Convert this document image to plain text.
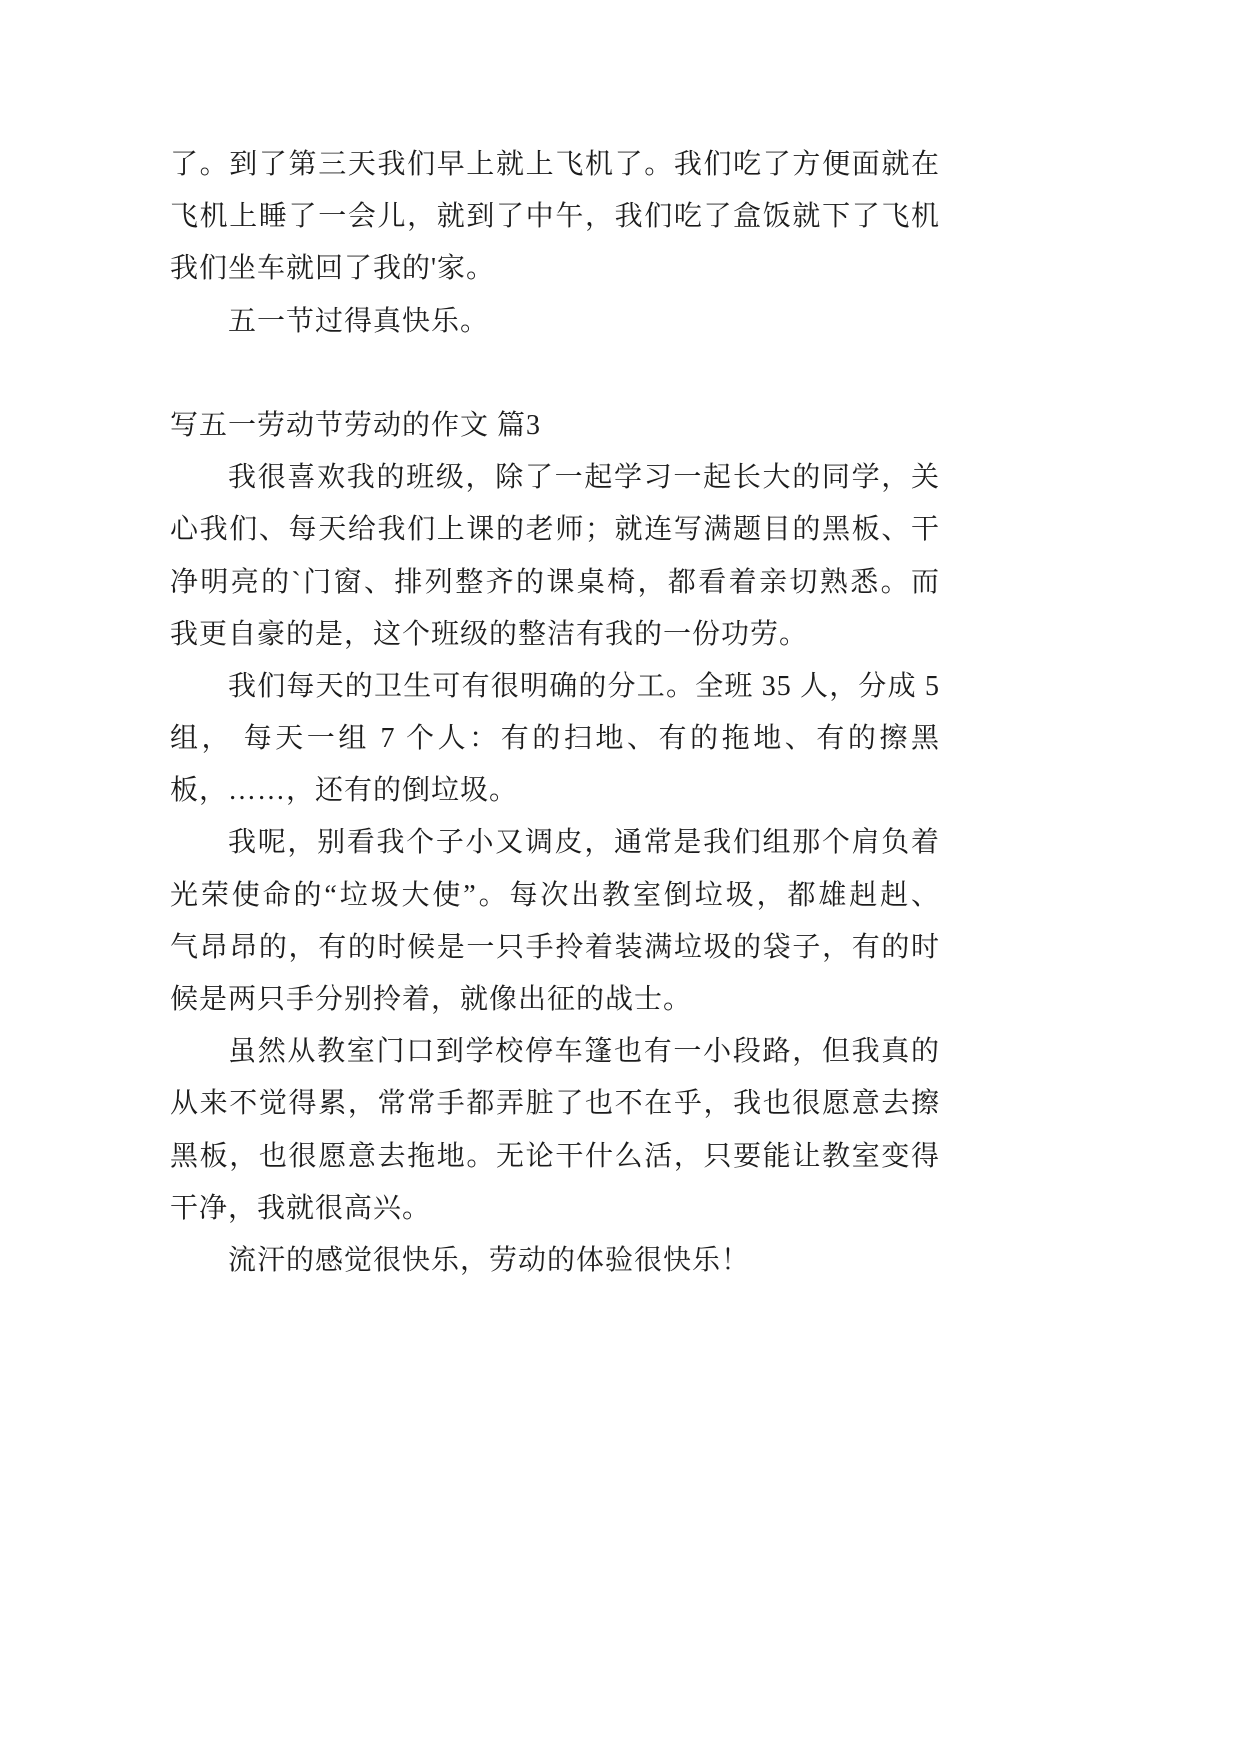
了。到了第三天我们早上就上飞机了。我们吃了方便面就在
飞机上睡了一会儿，就到了中午，我们吃了盒饭就下了飞机
我们坐车就回了我的'家。
五一节过得真快乐。
写五一劳动节劳动的作文 篇3
我很喜欢我的班级，除了一起学习一起长大的同学，关
心我们、每天给我们上课的老师；就连写满题目的黑板、干
净明亮的`门窗、排列整齐的课桌椅，都看着亲切熟悉。而
我更自豪的是，这个班级的整洁有我的一份功劳。
我们每天的卫生可有很明确的分工。全班 35 人，分成 5
组， 每天一组 7 个人：有的扫地、有的拖地、有的擦黑
板，……，还有的倒垃圾。
我呢，别看我个子小又调皮，通常是我们组那个肩负着
光荣使命的“垃圾大使”。每次出教室倒垃圾，都雄赳赳、
气昂昂的，有的时候是一只手拎着装满垃圾的袋子，有的时
候是两只手分别拎着，就像出征的战士。
虽然从教室门口到学校停车篷也有一小段路，但我真的
从来不觉得累，常常手都弄脏了也不在乎，我也很愿意去擦
黑板，也很愿意去拖地。无论干什么活，只要能让教室变得
干净，我就很高兴。
流汗的感觉很快乐，劳动的体验很快乐！
